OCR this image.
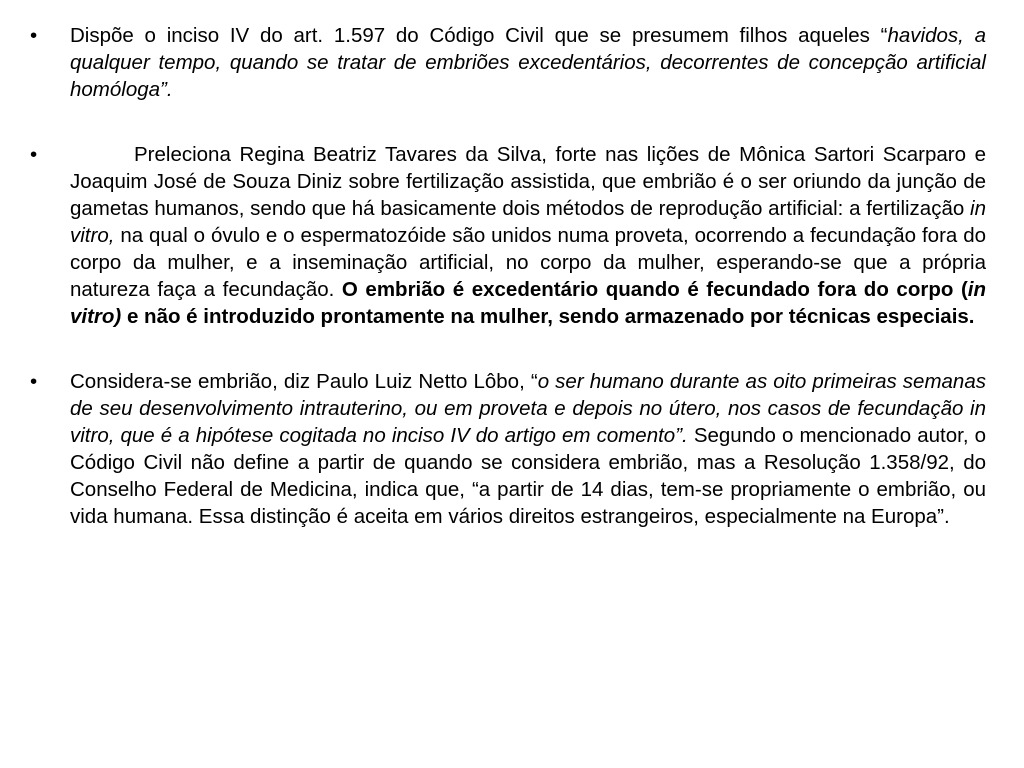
•	Dispõe o inciso IV do art. 1.597 do Código Civil que se presumem filhos aqueles “havidos, a qualquer tempo, quando se tratar de embriões excedentários, decorrentes de concepção artificial homóloga”.
•	Preleciona Regina Beatriz Tavares da Silva, forte nas lições de Mônica Sartori Scarparo e Joaquim José de Souza Diniz sobre fertilização assistida, que embrião é o ser oriundo da junção de gametas humanos, sendo que há basicamente dois métodos de reprodução artificial: a fertilização in vitro, na qual o óvulo e o espermatozóide são unidos numa proveta, ocorrendo a fecundação fora do corpo da mulher, e a inseminação artificial, no corpo da mulher, esperando-se que a própria natureza faça a fecundação. O embrião é excedentário quando é fecundado fora do corpo (in vitro) e não é introduzido prontamente na mulher, sendo armazenado por técnicas especiais.
•	Considera-se embrião, diz Paulo Luiz Netto Lôbo, “o ser humano durante as oito primeiras semanas de seu desenvolvimento intrauterino, ou em proveta e depois no útero, nos casos de fecundação in vitro, que é a hipótese cogitada no inciso IV do artigo em comento”. Segundo o mencionado autor, o Código Civil não define a partir de quando se considera embrião, mas a Resolução 1.358/92, do Conselho Federal de Medicina, indica que, “a partir de 14 dias, tem-se propriamente o embrião, ou vida humana. Essa distinção é aceita em vários direitos estrangeiros, especialmente na Europa”.
